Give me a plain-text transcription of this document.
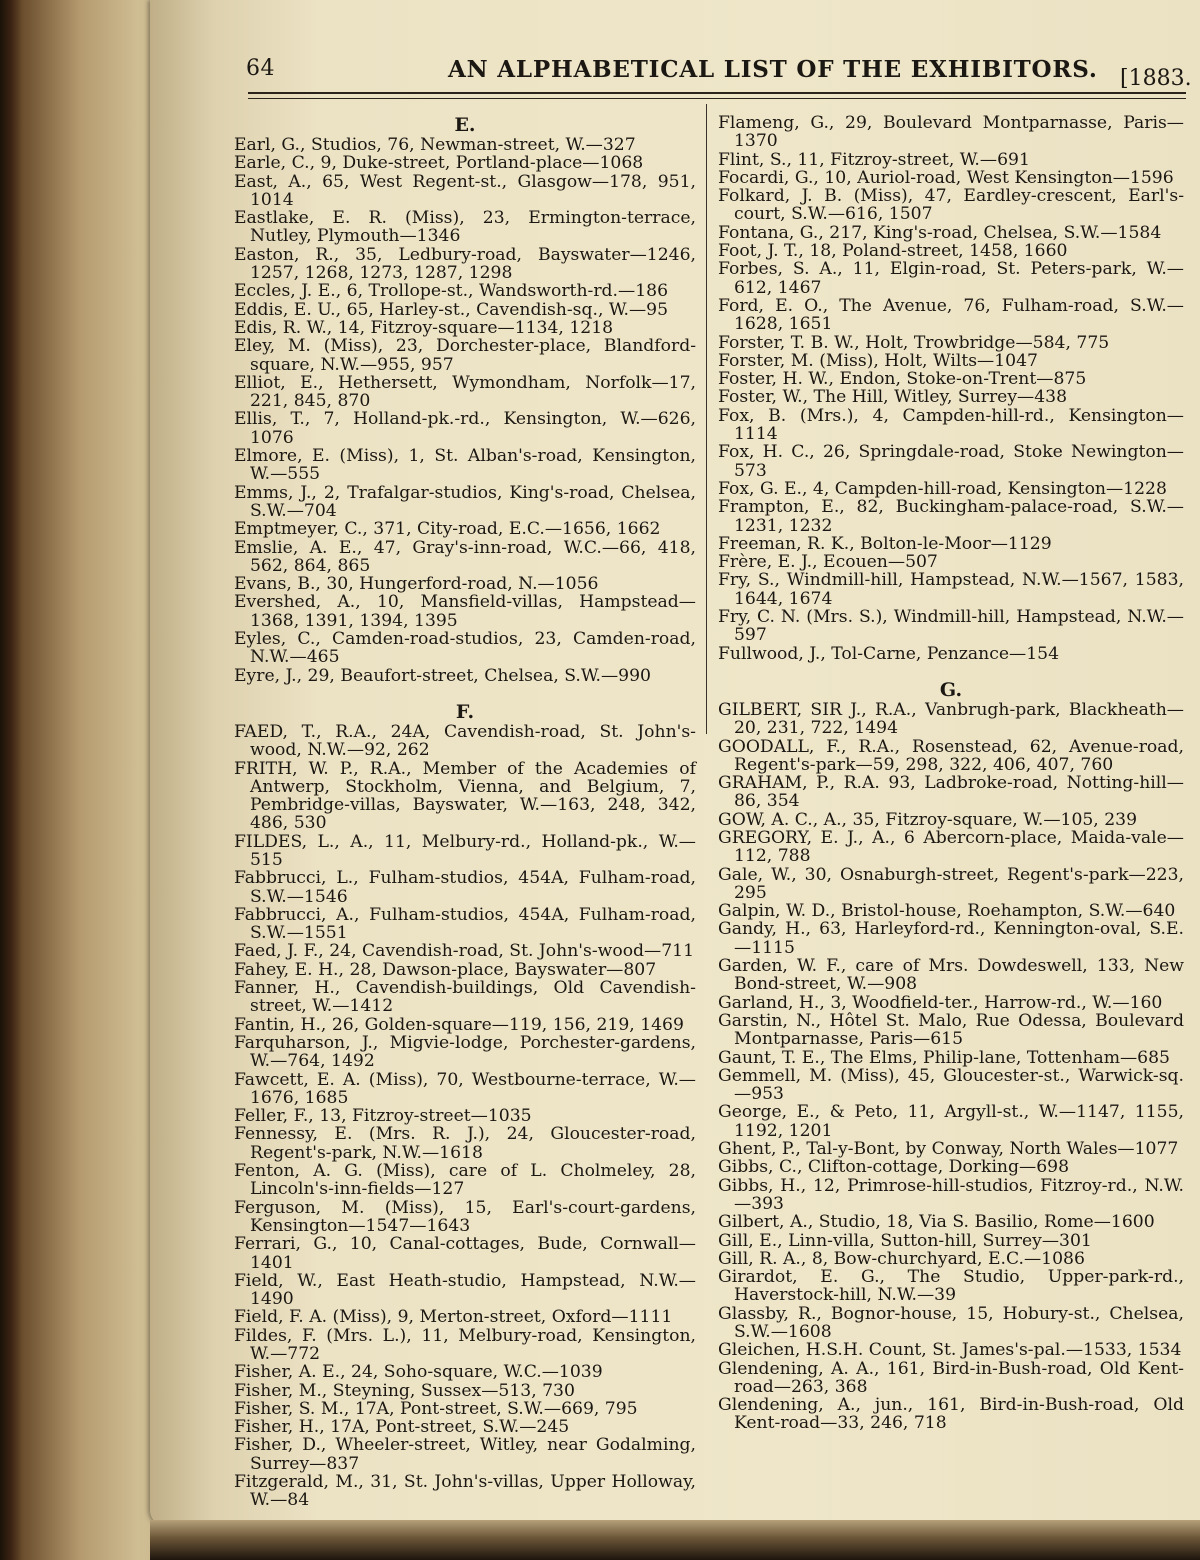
64	AN ALPHABETICAL LIST OF THE EXHIBITORS. [1883.
E.
Earl, G., Studios, 76, Newman-street, W.—327
Earle, C., 9, Duke-street, Portland-place—1068
East, A., 65, West Regent-st., Glasgow—178, 951, 1014
Eastlake, E. R. (Miss), 23, Ermington-terrace, Nutley, Plymouth—1346
Easton, R., 35, Ledbury-road, Bayswater—1246, 1257, 1268, 1273, 1287, 1298
Eccles, J. E., 6, Trollope-st., Wandsworth-rd.—186
Eddis, E. U., 65, Harley-st., Cavendish-sq., W.—95
Edis, R. W., 14, Fitzroy-square—1134, 1218
Eley, M. (Miss), 23, Dorchester-place, Blandford-square, N.W.—955, 957
Elliot, E., Hethersett, Wymondham, Norfolk—17, 221, 845, 870
Ellis, T., 7, Holland-pk.-rd., Kensington, W.—626, 1076
Elmore, E. (Miss), 1, St. Alban's-road, Kensington, W.—555
Emms, J., 2, Trafalgar-studios, King's-road, Chelsea, S.W.—704
Emptmeyer, C., 371, City-road, E.C.—1656, 1662
Emslie, A. E., 47, Gray's-inn-road, W.C.—66, 418, 562, 864, 865
Evans, B., 30, Hungerford-road, N.—1056
Evershed, A., 10, Mansfield-villas, Hampstead—1368, 1391, 1394, 1395
Eyles, C., Camden-road-studios, 23, Camden-road, N.W.—465
Eyre, J., 29, Beaufort-street, Chelsea, S.W.—990
F.
FAED, T., R.A., 24A, Cavendish-road, St. John's-wood, N.W.—92, 262
FRITH, W. P., R.A., Member of the Academies of Antwerp, Stockholm, Vienna, and Belgium, 7, Pembridge-villas, Bayswater, W.—163, 248, 342, 486, 530
FILDES, L., A., 11, Melbury-rd., Holland-pk., W.—515
Fabbrucci, L., Fulham-studios, 454A, Fulham-road, S.W.—1546
Fabbrucci, A., Fulham-studios, 454A, Fulham-road, S.W.—1551
Faed, J. F., 24, Cavendish-road, St. John's-wood—711
Fahey, E. H., 28, Dawson-place, Bayswater—807
Fanner, H., Cavendish-buildings, Old Cavendish-street, W.—1412
Fantin, H., 26, Golden-square—119, 156, 219, 1469
Farquharson, J., Migvie-lodge, Porchester-gardens, W.—764, 1492
Fawcett, E. A. (Miss), 70, Westbourne-terrace, W.—1676, 1685
Feller, F., 13, Fitzroy-street—1035
Fennessy, E. (Mrs. R. J.), 24, Gloucester-road, Regent's-park, N.W.—1618
Fenton, A. G. (Miss), care of L. Cholmeley, 28, Lincoln's-inn-fields—127
Ferguson, M. (Miss), 15, Earl's-court-gardens, Kensington—1547—1643
Ferrari, G., 10, Canal-cottages, Bude, Cornwall—1401
Field, W., East Heath-studio, Hampstead, N.W.—1490
Field, F. A. (Miss), 9, Merton-street, Oxford—1111
Fildes, F. (Mrs. L.), 11, Melbury-road, Kensington, W.—772
Fisher, A. E., 24, Soho-square, W.C.—1039
Fisher, M., Steyning, Sussex—513, 730
Fisher, S. M., 17A, Pont-street, S.W.—669, 795
Fisher, H., 17A, Pont-street, S.W.—245
Fisher, D., Wheeler-street, Witley, near Godalming, Surrey—837
Fitzgerald, M., 31, St. John's-villas, Upper Holloway, W.—84
Flameng, G., 29, Boulevard Montparnasse, Paris—1370
Flint, S., 11, Fitzroy-street, W.—691
Focardi, G., 10, Auriol-road, West Kensington—1596
Folkard, J. B. (Miss), 47, Eardley-crescent, Earl's-court, S.W.—616, 1507
Fontana, G., 217, King's-road, Chelsea, S.W.—1584
Foot, J. T., 18, Poland-street, 1458, 1660
Forbes, S. A., 11, Elgin-road, St. Peters-park, W.—612, 1467
Ford, E. O., The Avenue, 76, Fulham-road, S.W.—1628, 1651
Forster, T. B. W., Holt, Trowbridge—584, 775
Forster, M. (Miss), Holt, Wilts—1047
Foster, H. W., Endon, Stoke-on-Trent—875
Foster, W., The Hill, Witley, Surrey—438
Fox, B. (Mrs.), 4, Campden-hill-rd., Kensington—1114
Fox, H. C., 26, Springdale-road, Stoke Newington—573
Fox, G. E., 4, Campden-hill-road, Kensington—1228
Frampton, E., 82, Buckingham-palace-road, S.W.—1231, 1232
Freeman, R. K., Bolton-le-Moor—1129
Frère, E. J., Ecouen—507
Fry, S., Windmill-hill, Hampstead, N.W.—1567, 1583, 1644, 1674
Fry, C. N. (Mrs. S.), Windmill-hill, Hampstead, N.W.—597
Fullwood, J., Tol-Carne, Penzance—154
G.
GILBERT, SIR J., R.A., Vanbrugh-park, Blackheath—20, 231, 722, 1494
GOODALL, F., R.A., Rosenstead, 62, Avenue-road, Regent's-park—59, 298, 322, 406, 407, 760
GRAHAM, P., R.A. 93, Ladbroke-road, Notting-hill—86, 354
GOW, A. C., A., 35, Fitzroy-square, W.—105, 239
GREGORY, E. J., A., 6 Abercorn-place, Maida-vale—112, 788
Gale, W., 30, Osnaburgh-street, Regent's-park—223, 295
Galpin, W. D., Bristol-house, Roehampton, S.W.—640
Gandy, H., 63, Harleyford-rd., Kennington-oval, S.E.—1115
Garden, W. F., care of Mrs. Dowdeswell, 133, New Bond-street, W.—908
Garland, H., 3, Woodfield-ter., Harrow-rd., W.—160
Garstin, N., Hôtel St. Malo, Rue Odessa, Boulevard Montparnasse, Paris—615
Gaunt, T. E., The Elms, Philip-lane, Tottenham—685
Gemmell, M. (Miss), 45, Gloucester-st., Warwick-sq.—953
George, E., & Peto, 11, Argyll-st., W.—1147, 1155, 1192, 1201
Ghent, P., Tal-y-Bont, by Conway, North Wales—1077
Gibbs, C., Clifton-cottage, Dorking—698
Gibbs, H., 12, Primrose-hill-studios, Fitzroy-rd., N.W.—393
Gilbert, A., Studio, 18, Via S. Basilio, Rome—1600
Gill, E., Linn-villa, Sutton-hill, Surrey—301
Gill, R. A., 8, Bow-churchyard, E.C.—1086
Girardot, E. G., The Studio, Upper-park-rd., Haverstock-hill, N.W.—39
Glassby, R., Bognor-house, 15, Hobury-st., Chelsea, S.W.—1608
Gleichen, H.S.H. Count, St. James's-pal.—1533, 1534
Glendening, A. A., 161, Bird-in-Bush-road, Old Kent-road—263, 368
Glendening, A., jun., 161, Bird-in-Bush-road, Old Kent-road—33, 246, 718
